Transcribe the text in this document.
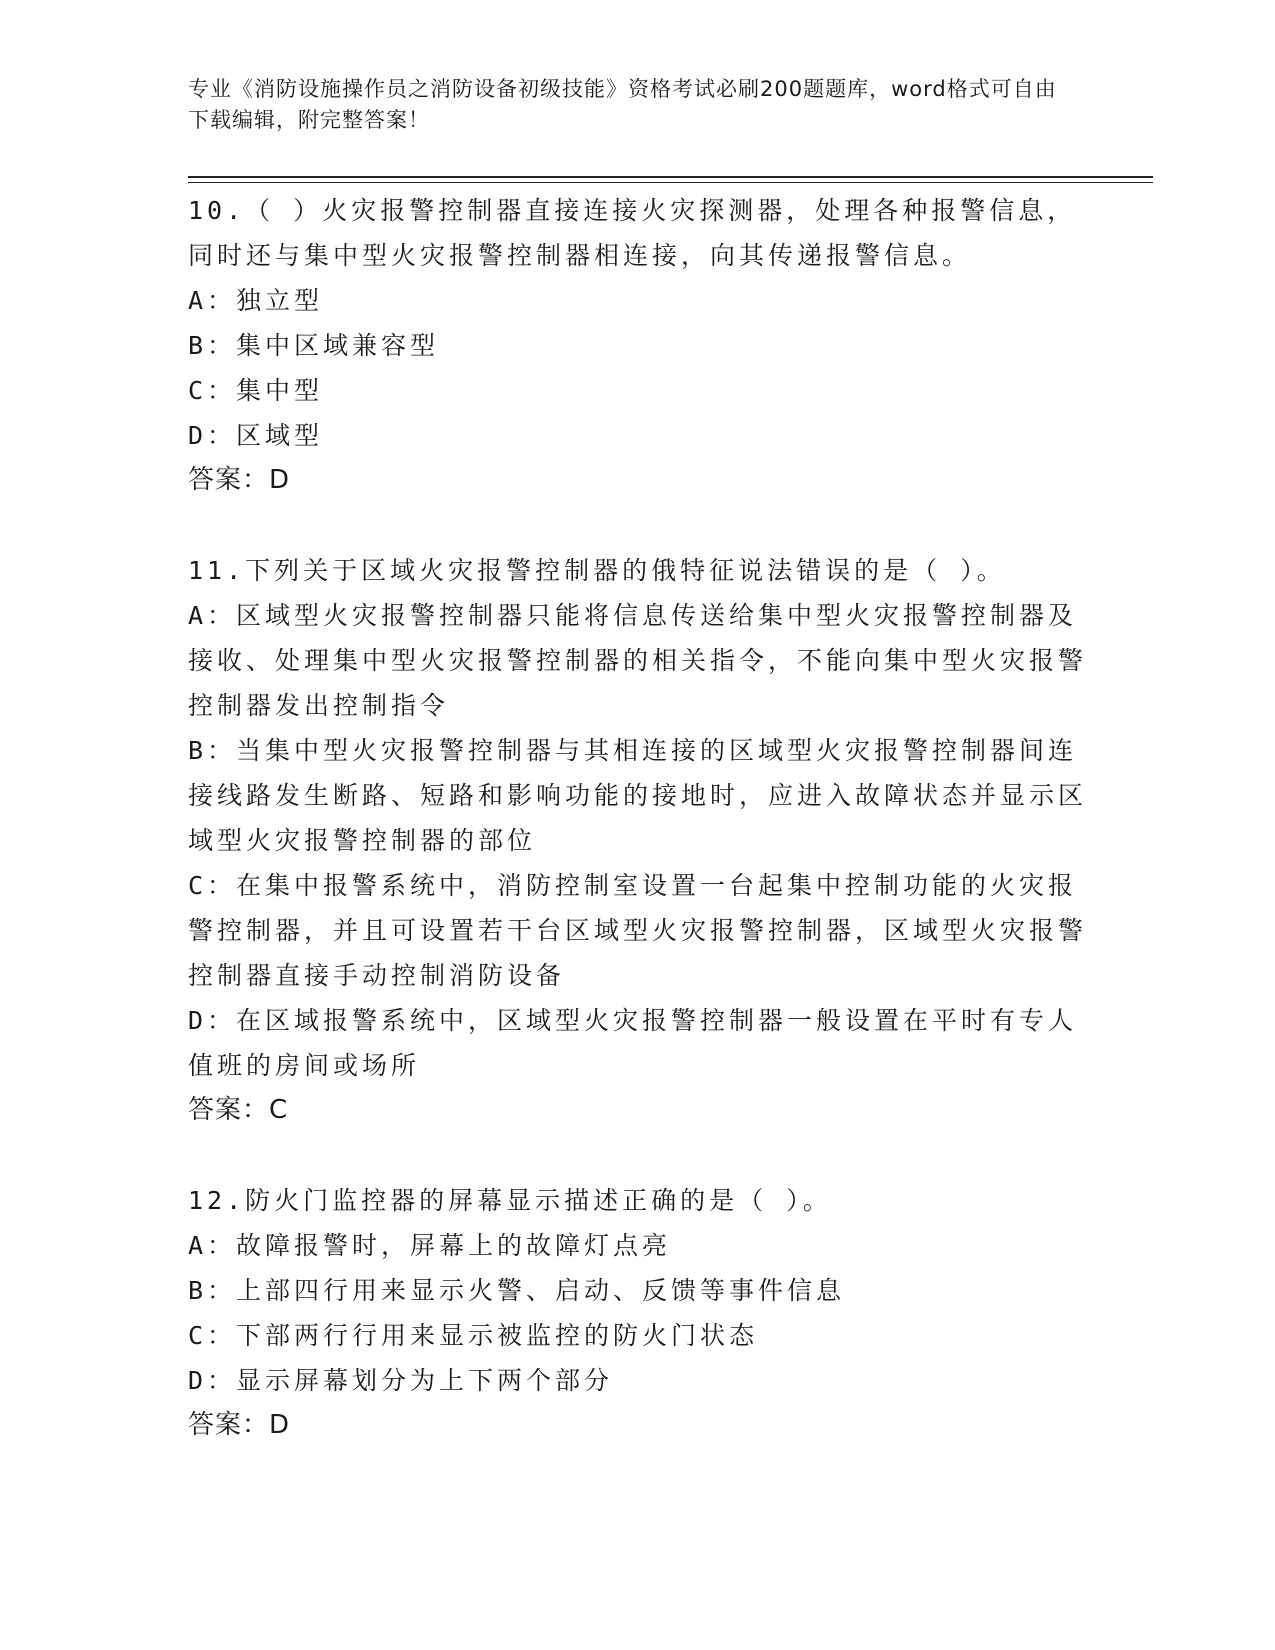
专业《消防设施操作员之消防设备初级技能》资格考试必刷200题题库，word格式可自由下载编辑，附完整答案！

10.（ ）火灾报警控制器直接连接火灾探测器，处理各种报警信息，同时还与集中型火灾报警控制器相连接，向其传递报警信息。

A：独立型

B：集中区域兼容型

C：集中型

D：区域型

答案：D

11.下列关于区域火灾报警控制器的俄特征说法错误的是（ ）。

A：区域型火灾报警控制器只能将信息传送给集中型火灾报警控制器及接收、处理集中型火灾报警控制器的相关指令，不能向集中型火灾报警控制器发出控制指令

B：当集中型火灾报警控制器与其相连接的区域型火灾报警控制器间连接线路发生断路、短路和影响功能的接地时，应进入故障状态并显示区域型火灾报警控制器的部位

C：在集中报警系统中，消防控制室设置一台起集中控制功能的火灾报警控制器，并且可设置若干台区域型火灾报警控制器，区域型火灾报警控制器直接手动控制消防设备

D：在区域报警系统中，区域型火灾报警控制器一般设置在平时有专人值班的房间或场所

答案：C

12.防火门监控器的屏幕显示描述正确的是（ ）。

A：故障报警时，屏幕上的故障灯点亮

B：上部四行用来显示火警、启动、反馈等事件信息

C：下部两行行用来显示被监控的防火门状态

D：显示屏幕划分为上下两个部分

答案：D
